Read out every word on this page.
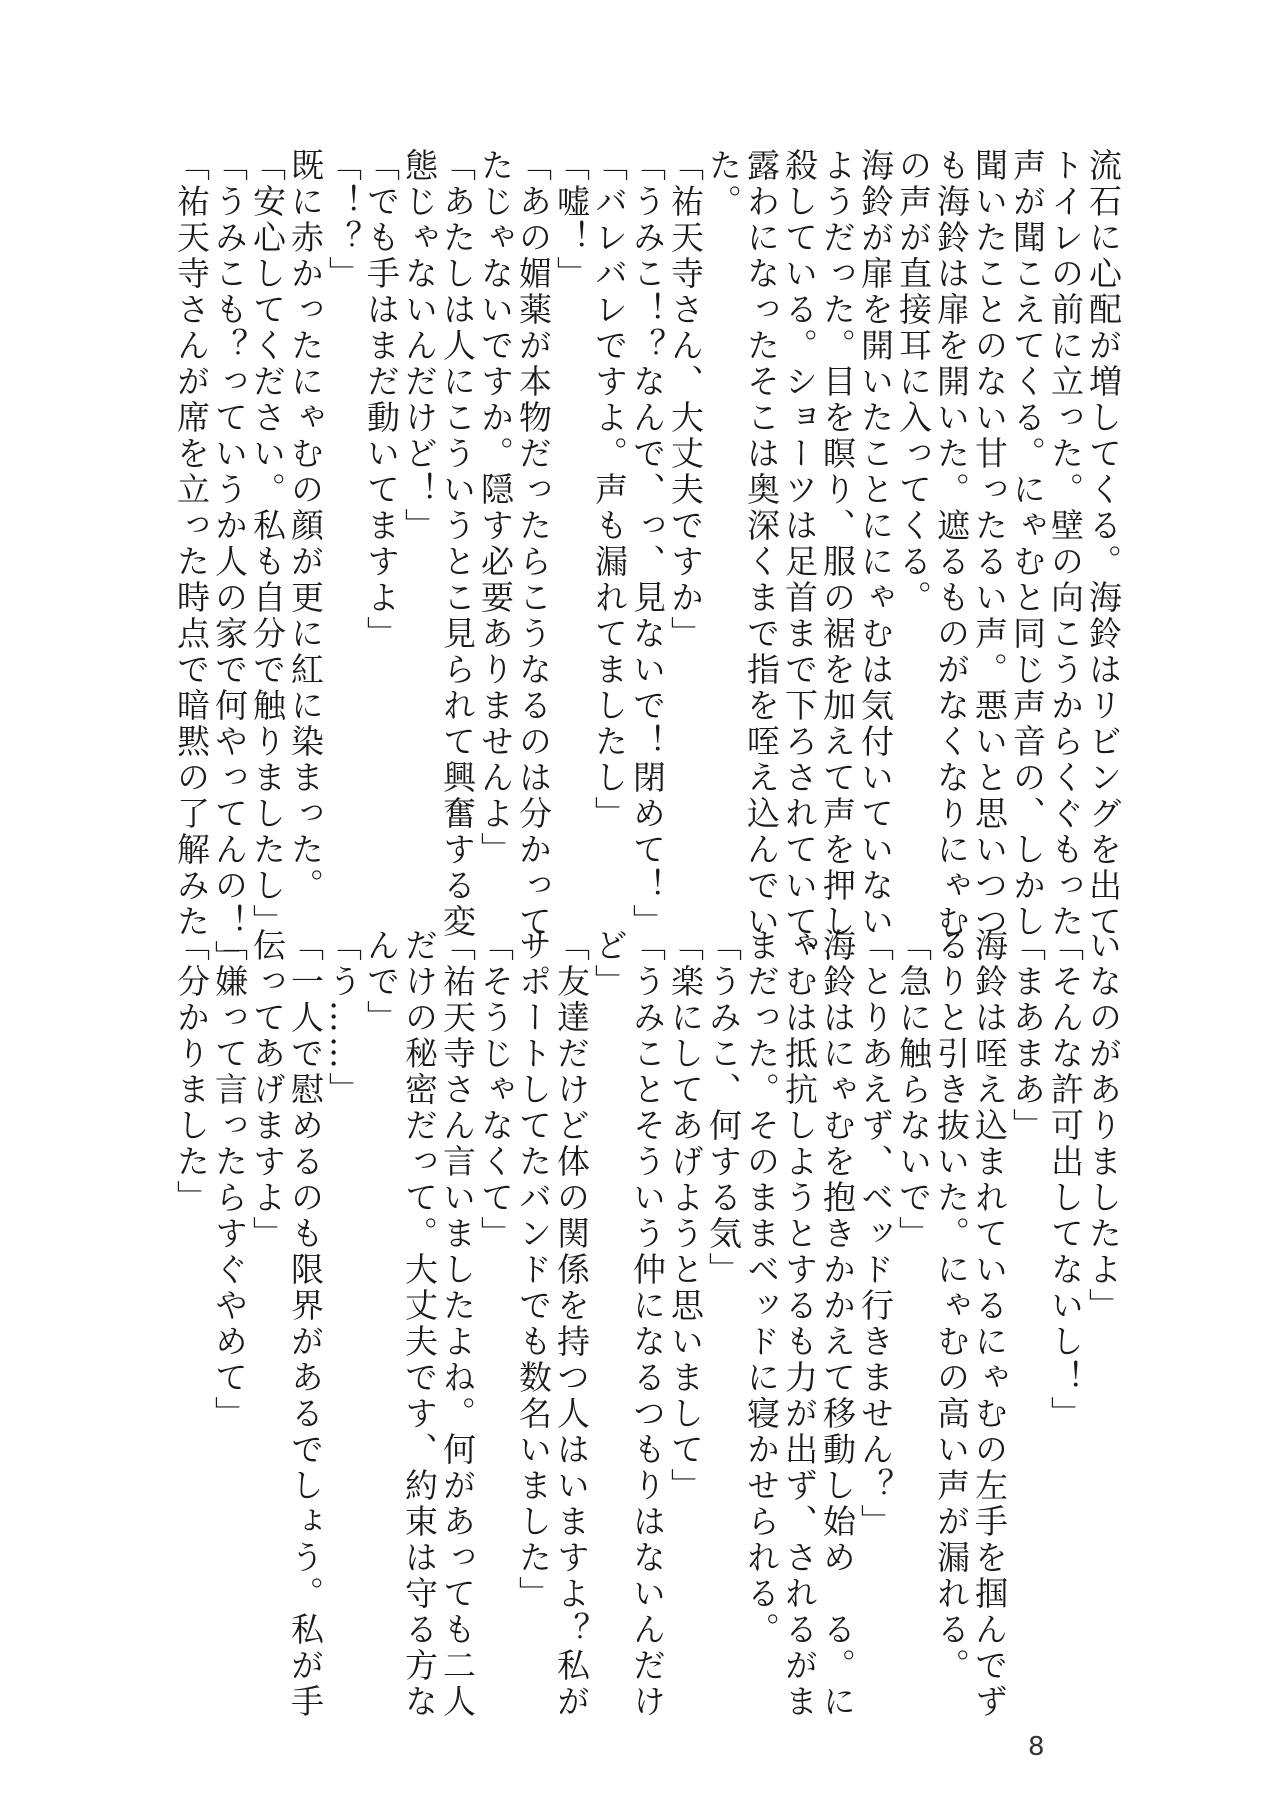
流石に心配が増してくる。海鈴はリビングを出て
トイレの前に立った。壁の向こうからくぐもった
声が聞こえてくる。にゃむと同じ声音の、しかし
聞いたことのない甘ったるい声。悪いと思いつつ
も海鈴は扉を開いた。遮るものがなくなりにゃむ
の声が直接耳に入ってくる。
海鈴が扉を開いたことににゃむは気付いていない
ようだった。目を瞑り、服の裾を加えて声を押し
殺している。ショーツは足首まで下ろされていて、
露わになったそこは奥深くまで指を咥え込んでい
た。
「祐天寺さん、大丈夫ですか」
「うみこ！？なんで、っ、見ないで！閉めて！」
「バレバレですよ。声も漏れてましたし」
「嘘！」
「あの媚薬が本物だったらこうなるのは分かって
たじゃないですか。隠す必要ありませんよ」
「あたしは人にこういうとこ見られて興奮する変
態じゃないんだけど！」
「でも手はまだ動いてますよ」
「！？」
既に赤かったにゃむの顔が更に紅に染まった。
「安心してください。私も自分で触りましたし」
「うみこも？っていうか人の家で何やってんの！」
「祐天寺さんが席を立った時点で暗黙の了解みた
いなのがありましたよ」
「そんな許可出してないし！」
「まあまあ」
海鈴は咥え込まれているにゃむの左手を掴んでず
るりと引き抜いた。にゃむの高い声が漏れる。
「急に触らないで」
「とりあえず、ベッド行きません？」
海鈴はにゃむを抱きかかえて移動し始め　る。に
ゃむは抵抗しようとするも力が出ず、されるがま
まだった。そのままベッドに寝かせられる。
「うみこ、何する気」
「楽にしてあげようと思いまして」
「うみことそういう仲になるつもりはないんだけ
ど」
「友達だけど体の関係を持つ人はいますよ？私が
サポートしてたバンドでも数名いました」
「そうじゃなくて」
「祐天寺さん言いましたよね。何があっても二人
だけの秘密だって。大丈夫です、約束は守る方な
んで」
「う……」
「一人で慰めるのも限界があるでしょう。私が手
伝ってあげますよ」
「嫌って言ったらすぐやめて」
「分かりました」
8
